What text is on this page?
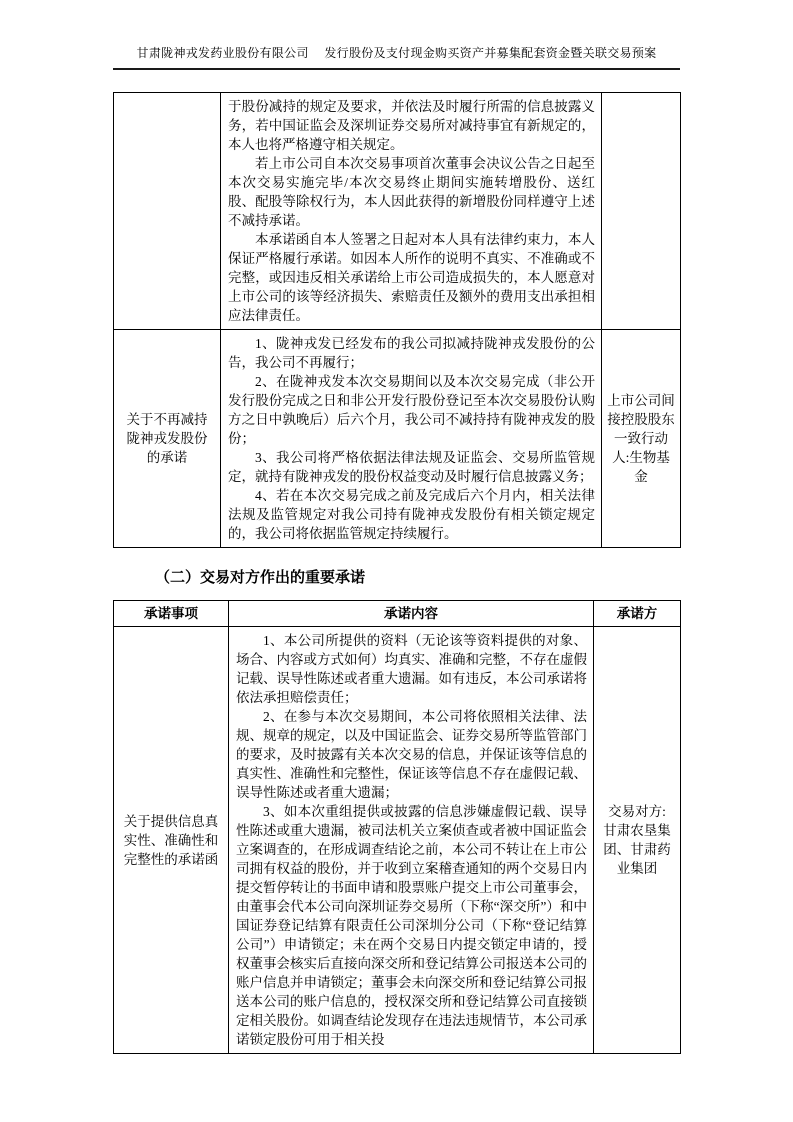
甘肃陇神戎发药业股份有限公司　 发行股份及支付现金购买资产并募集配套资金暨关联交易预案

	于股份减持的规定及要求，并依法及时履行所需的信息披露义务，若中国证监会及深圳证券交易所对减持事宜有新规定的，本人也将严格遵守相关规定。

若上市公司自本次交易事项首次董事会决议公告之日起至本次交易实施完毕/本次交易终止期间实施转增股份、送红股、配股等除权行为，本人因此获得的新增股份同样遵守上述不减持承诺。

本承诺函自本人签署之日起对本人具有法律约束力，本人保证严格履行承诺。如因本人所作的说明不真实、不准确或不完整，或因违反相关承诺给上市公司造成损失的，本人愿意对上市公司的该等经济损失、索赔责任及额外的费用支出承担相应法律责任。	

关于不再减持陇神戎发股份的承诺	1、陇神戎发已经发布的我公司拟减持陇神戎发股份的公告，我公司不再履行；

2、在陇神戎发本次交易期间以及本次交易完成（非公开发行股份完成之日和非公开发行股份登记至本次交易股份认购方之日中孰晚后）后六个月，我公司不减持持有陇神戎发的股份；

3、我公司将严格依据法律法规及证监会、交易所监管规定，就持有陇神戎发的股份权益变动及时履行信息披露义务；

4、若在本次交易完成之前及完成后六个月内，相关法律法规及监管规定对我公司持有陇神戎发股份有相关锁定规定的，我公司将依据监管规定持续履行。	上市公司间接控股股东一致行动人:生物基金
（二）交易对方作出的重要承诺
承诺事项	承诺内容	承诺方
关于提供信息真实性、准确性和完整性的承诺函	1、本公司所提供的资料（无论该等资料提供的对象、场合、内容或方式如何）均真实、准确和完整，不存在虚假记载、误导性陈述或者重大遗漏。如有违反，本公司承诺将依法承担赔偿责任；

2、在参与本次交易期间，本公司将依照相关法律、法规、规章的规定，以及中国证监会、证券交易所等监管部门的要求，及时披露有关本次交易的信息，并保证该等信息的真实性、准确性和完整性，保证该等信息不存在虚假记载、误导性陈述或者重大遗漏；

3、如本次重组提供或披露的信息涉嫌虚假记载、误导性陈述或重大遗漏，被司法机关立案侦查或者被中国证监会立案调查的，在形成调查结论之前，本公司不转让在上市公司拥有权益的股份，并于收到立案稽查通知的两个交易日内提交暂停转让的书面申请和股票账户提交上市公司董事会，由董事会代本公司向深圳证券交易所（下称“深交所”）和中国证券登记结算有限责任公司深圳分公司（下称“登记结算公司”）申请锁定；未在两个交易日内提交锁定申请的，授权董事会核实后直接向深交所和登记结算公司报送本公司的账户信息并申请锁定；董事会未向深交所和登记结算公司报送本公司的账户信息的，授权深交所和登记结算公司直接锁定相关股份。如调查结论发现存在违法违规情节，本公司承诺锁定股份可用于相关投	交易对方:甘肃农垦集团、甘肃药业集团
